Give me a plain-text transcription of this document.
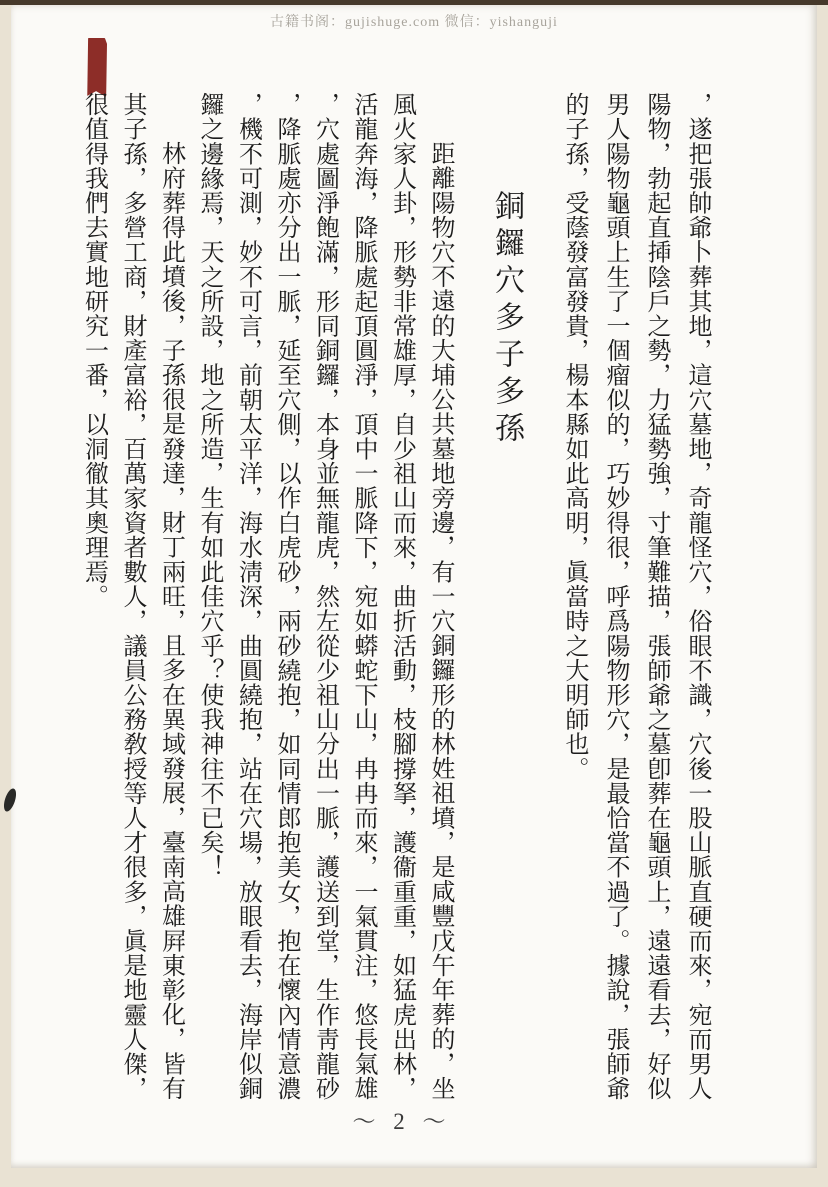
古籍书阁：gujishuge.com 微信：yishanguji
，遂把張帥爺卜葬其地，這穴墓地，奇龍怪穴，俗眼不識，穴後一股山脈直硬而來，宛而男人
陽物，勃起直揷陰戶之勢，力猛勢強，寸筆難描，張師爺之墓卽葬在龜頭上，遠遠看去，好似
男人陽物龜頭上生了一個瘤似的，巧妙得很，呼爲陽物形穴，是最恰當不過了。據說，張師爺
的子孫，受蔭發富發貴，楊本縣如此高明，眞當時之大明師也。
銅鑼穴多子多孫
距離陽物穴不遠的大埔公共墓地旁邊，有一穴銅鑼形的林姓祖墳，是咸豐戊午年葬的，坐
風火家人卦，形勢非常雄厚，自少祖山而來，曲折活動，枝腳撐拏，護衞重重，如猛虎出林，
活龍奔海，降脈處起頂圓淨，頂中一脈降下，宛如蟒蛇下山，冉冉而來，一氣貫注，悠長氣雄
，穴處圖淨飽滿，形同銅鑼，本身並無龍虎，然左從少祖山分出一脈，護送到堂，生作靑龍砂
，降脈處亦分出一脈，延至穴側，以作白虎砂，兩砂繞抱，如同情郎抱美女，抱在懷內情意濃
，機不可測，妙不可言，前朝太平洋，海水淸深，曲圓繞抱，站在穴場，放眼看去，海岸似銅
鑼之邊緣焉，天之所設，地之所造，生有如此佳穴乎？使我神往不已矣！
林府葬得此墳後，子孫很是發達，財丁兩旺，且多在異域發展，臺南高雄屛東彰化，皆有
其子孫，多營工商，財產富裕，百萬家資者數人，議員公務敎授等人才很多，眞是地靈人傑，
很值得我們去實地研究一番，以洞徹其奧理焉。
～ 2 ～
